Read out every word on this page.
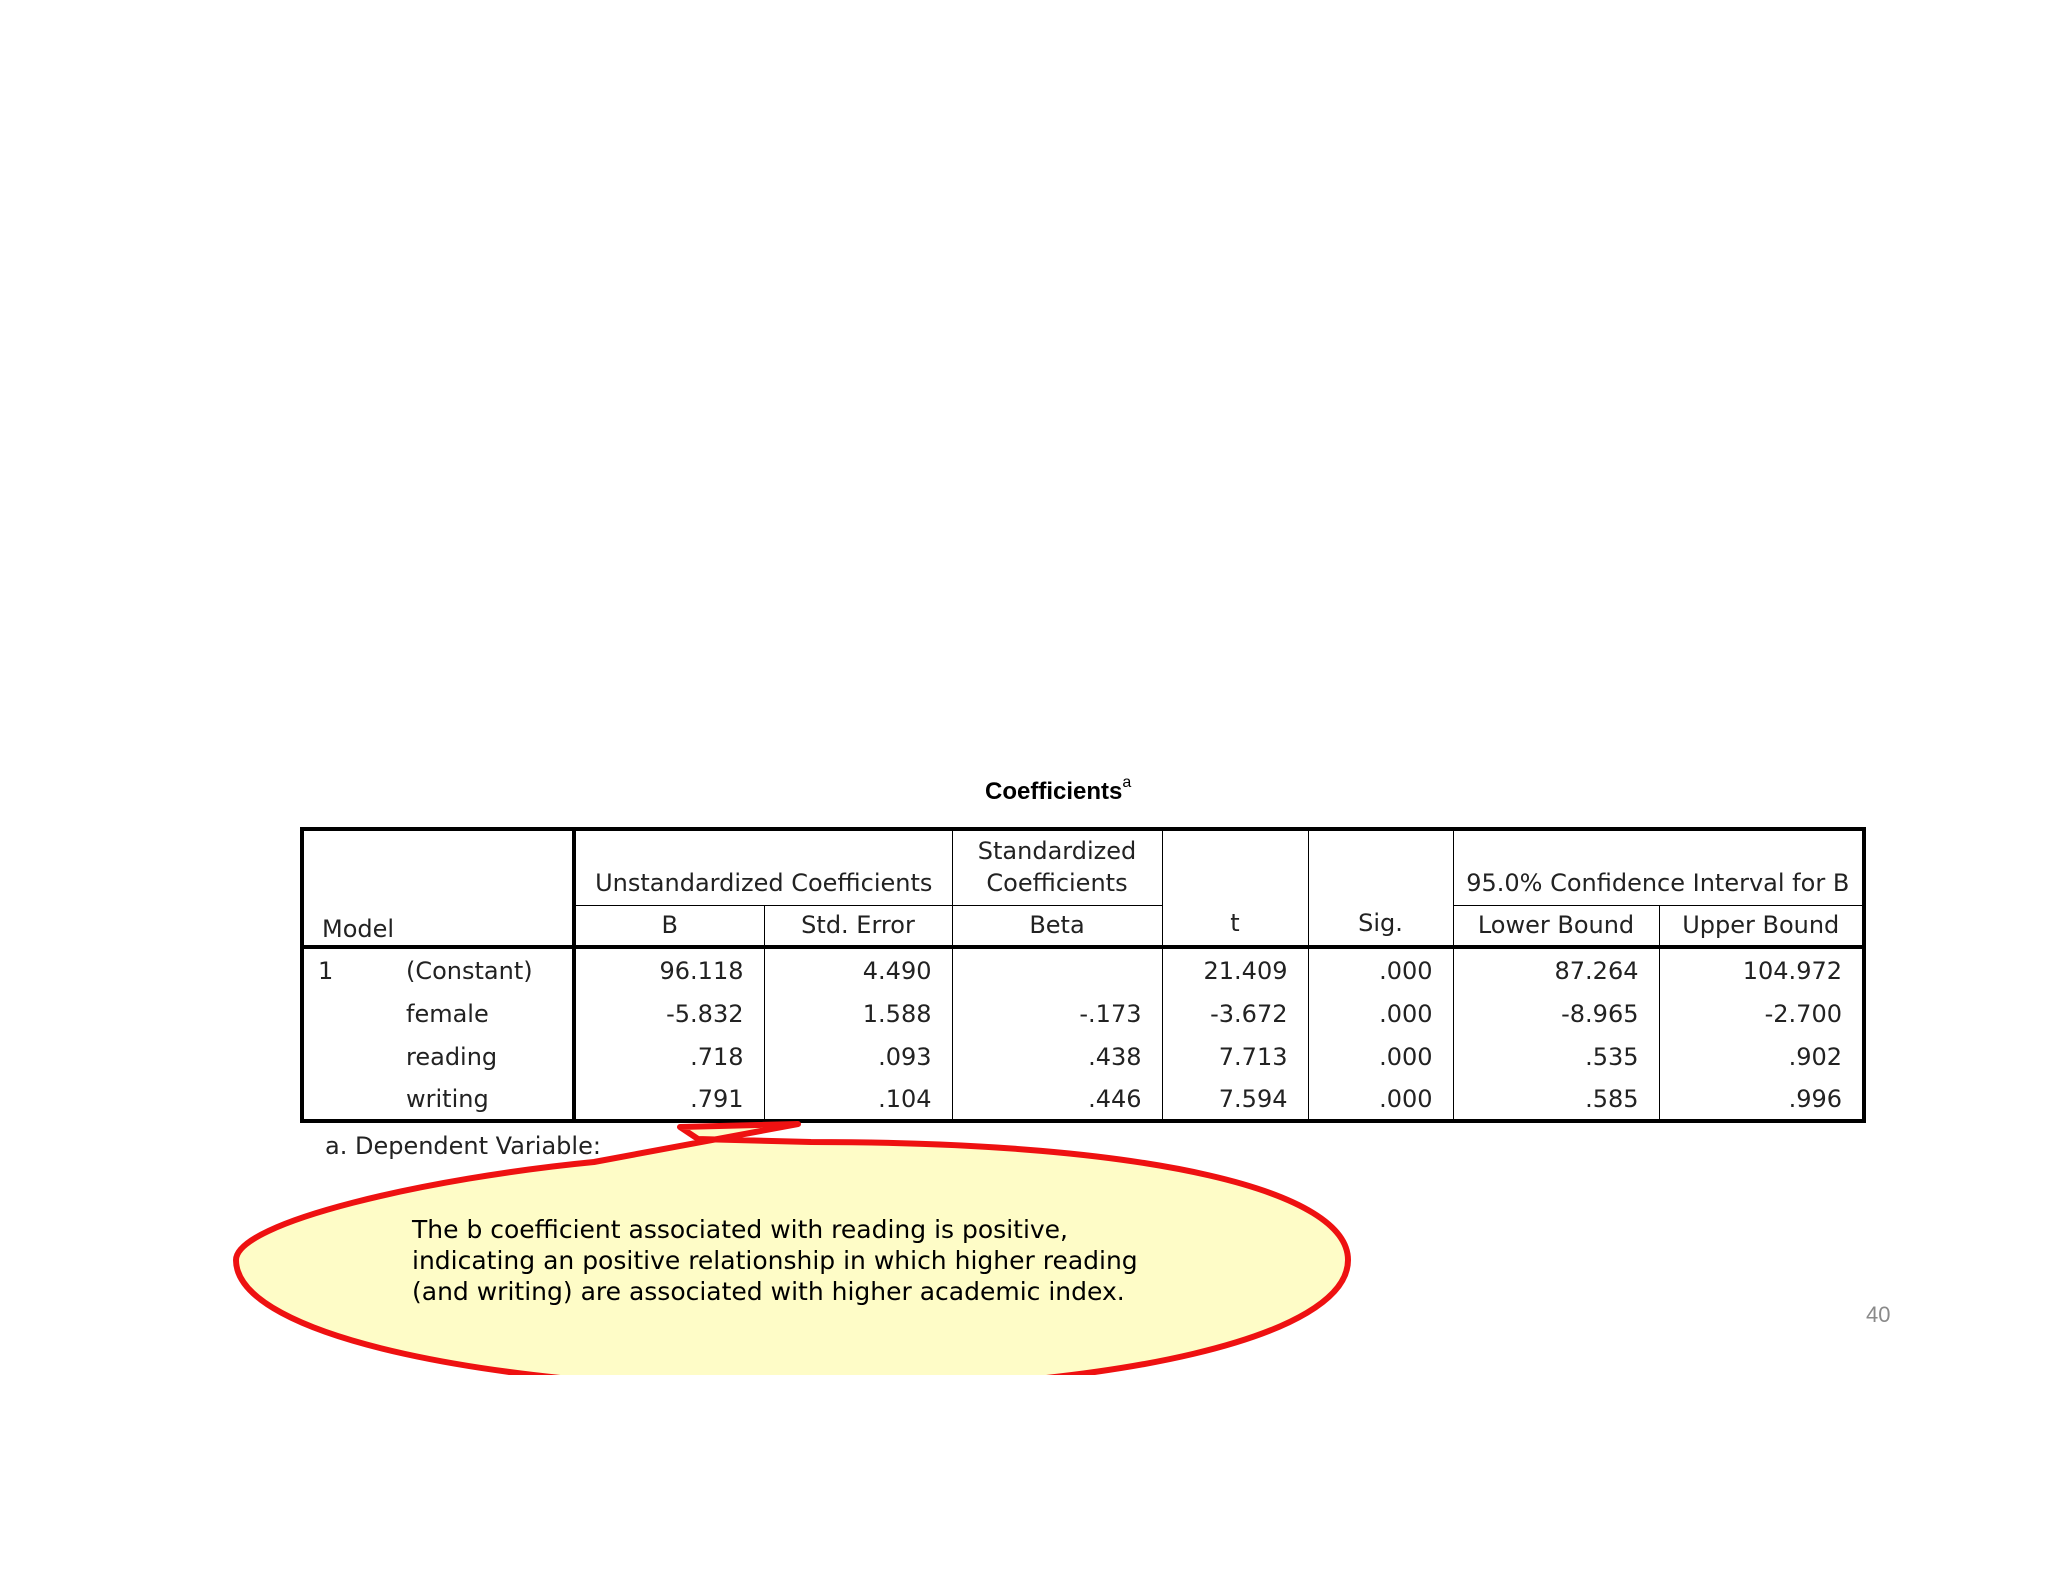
Coefficients$^a$
Model		Unstandardized Coefficients		Standardized
Coefficients	t	Sig.	95.0% Confidence Interval for B	
		B	Std. Error	Beta			Lower Bound	Upper Bound
1	(Constant)	96.118	4.490		21.409	.000	87.264	104.972
	female	-5.832	1.588	-.173	-3.672	.000	-8.965	-2.700
	reading	.718	.093	.438	7.713	.000	.535	.902
	writing	.791	.104	.446	7.594	.000	.585	.996
a. Dependent Variable:
The b coefficient associated with reading is positive,
indicating an positive relationship in which higher reading
(and writing) are associated with higher academic index.
40
